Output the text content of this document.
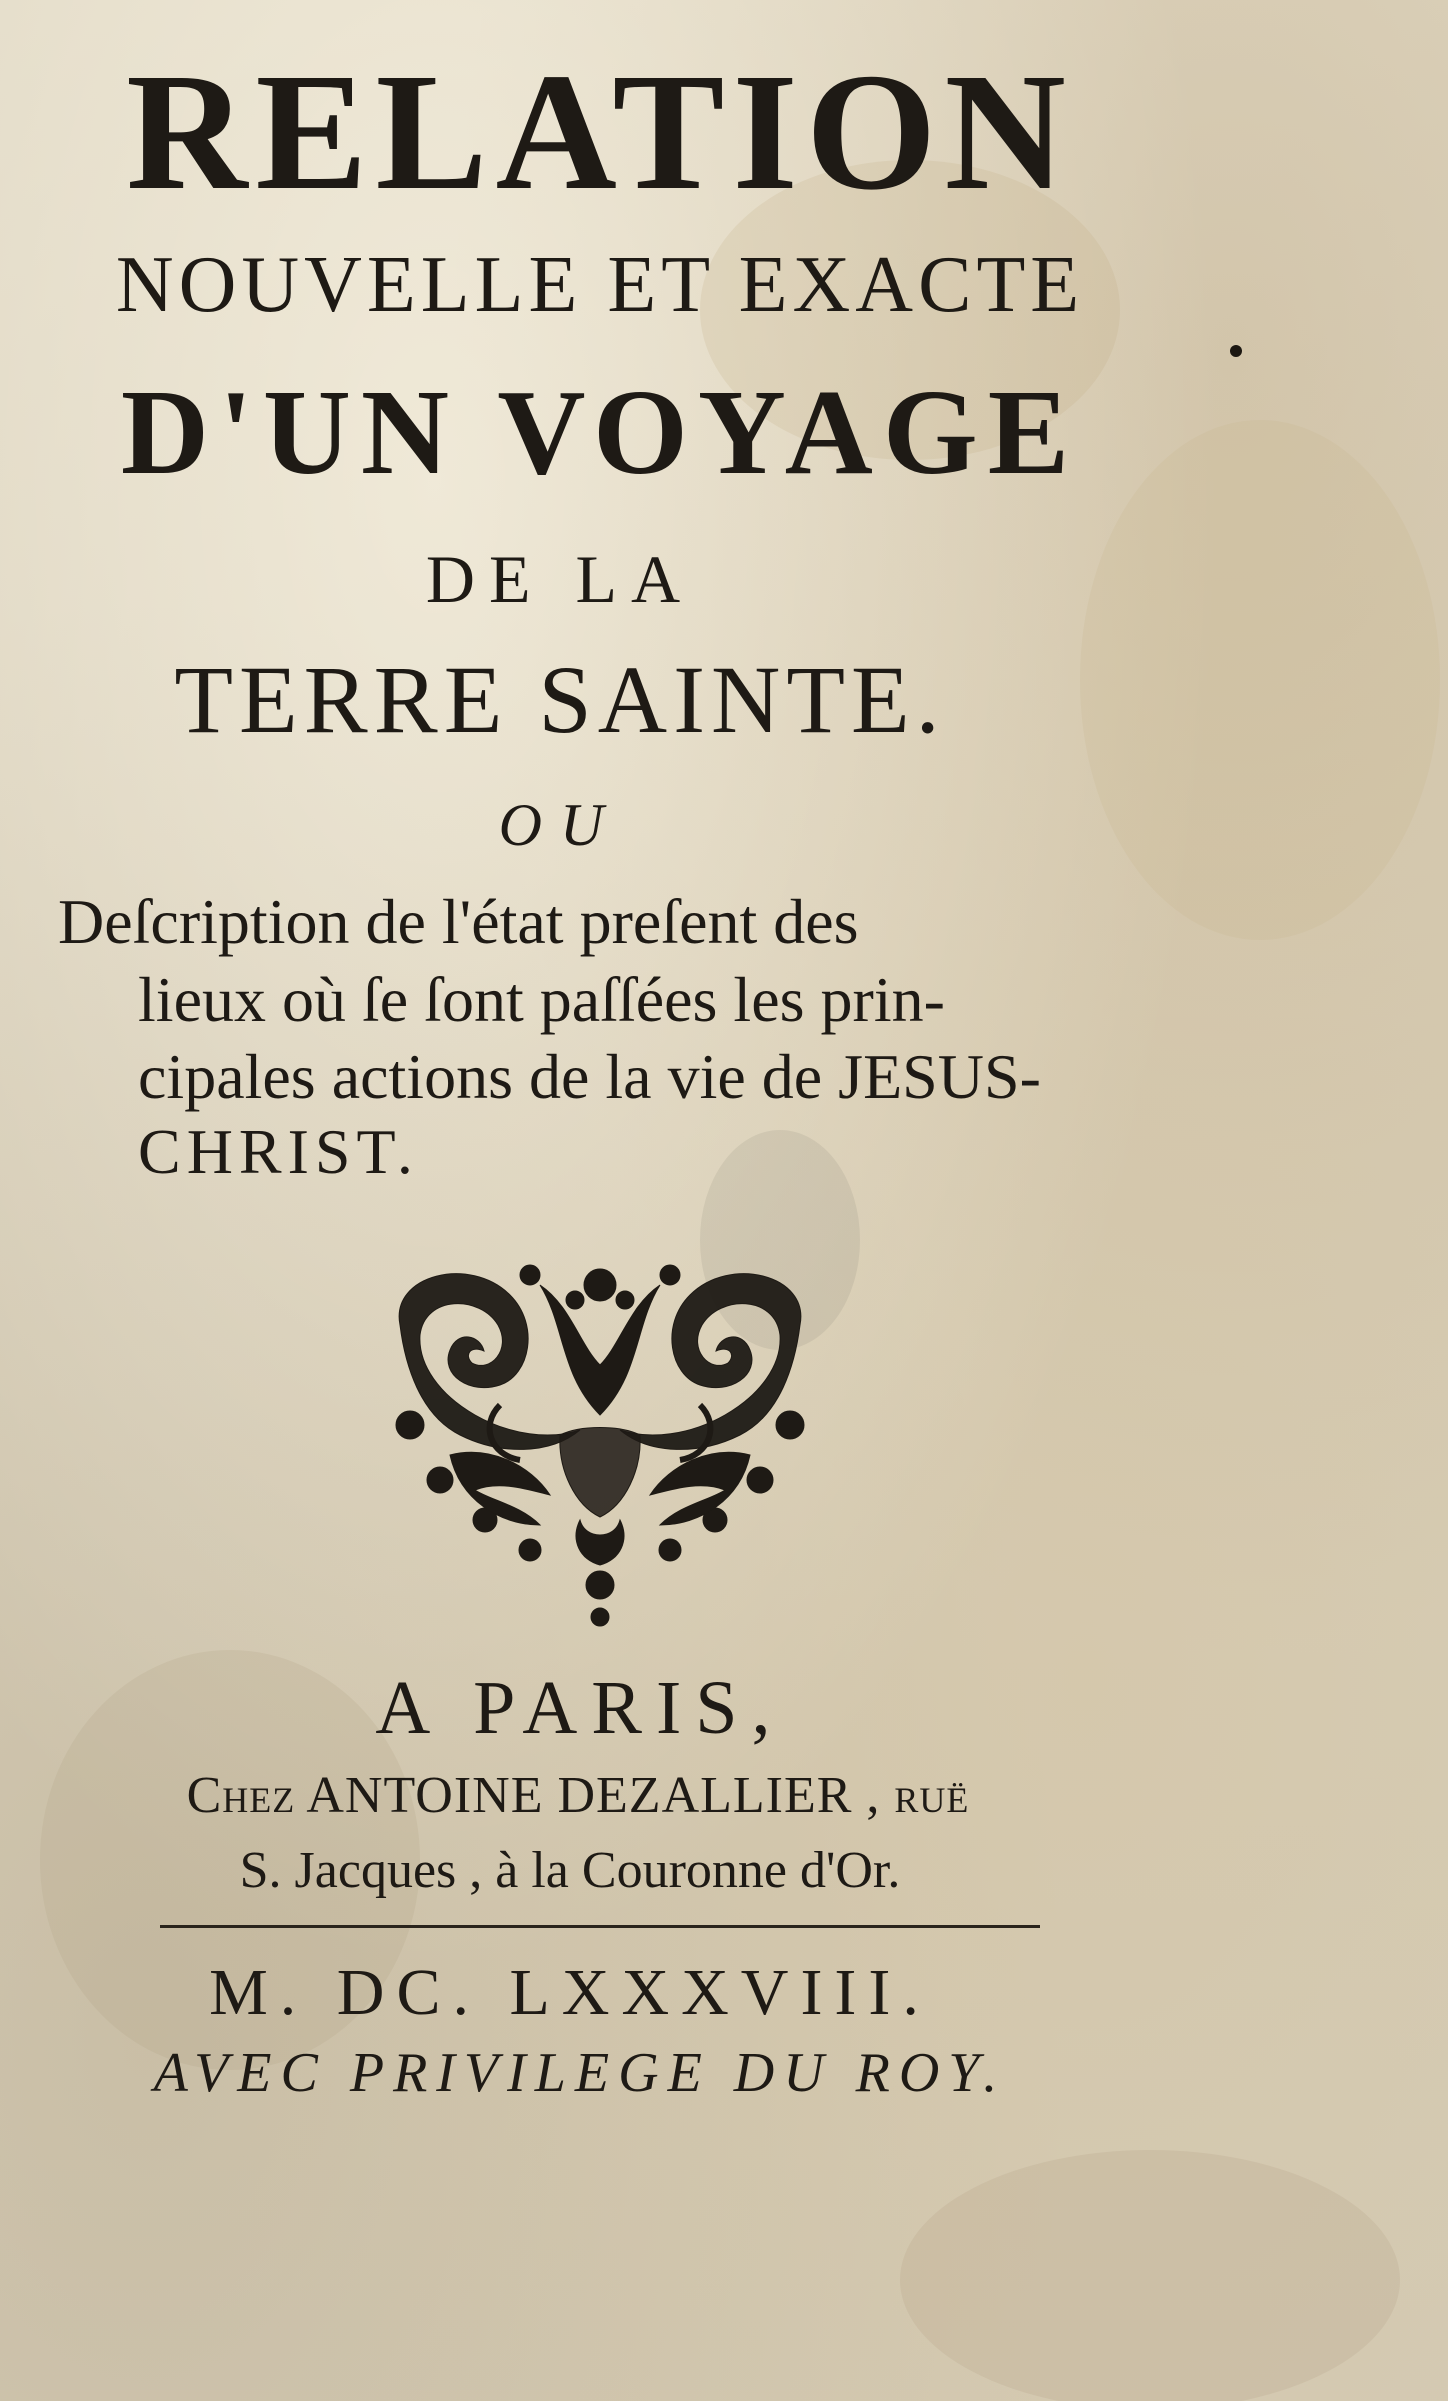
RELATION

NOUVELLE ET EXACTE

D'UN VOYAGE

DE LA

TERRE SAINTE.

OU

Deſcription de l'état preſent des

lieux où ſe ſont paſſées les prin-

cipales actions de la vie de JESUS-

CHRIST.

A PARIS,

Chez ANTOINE DEZALLIER , ruë

S. Jacques , à la Couronne d'Or.

M. DC. LXXXVIII.

AVEC PRIVILEGE DU ROY.
